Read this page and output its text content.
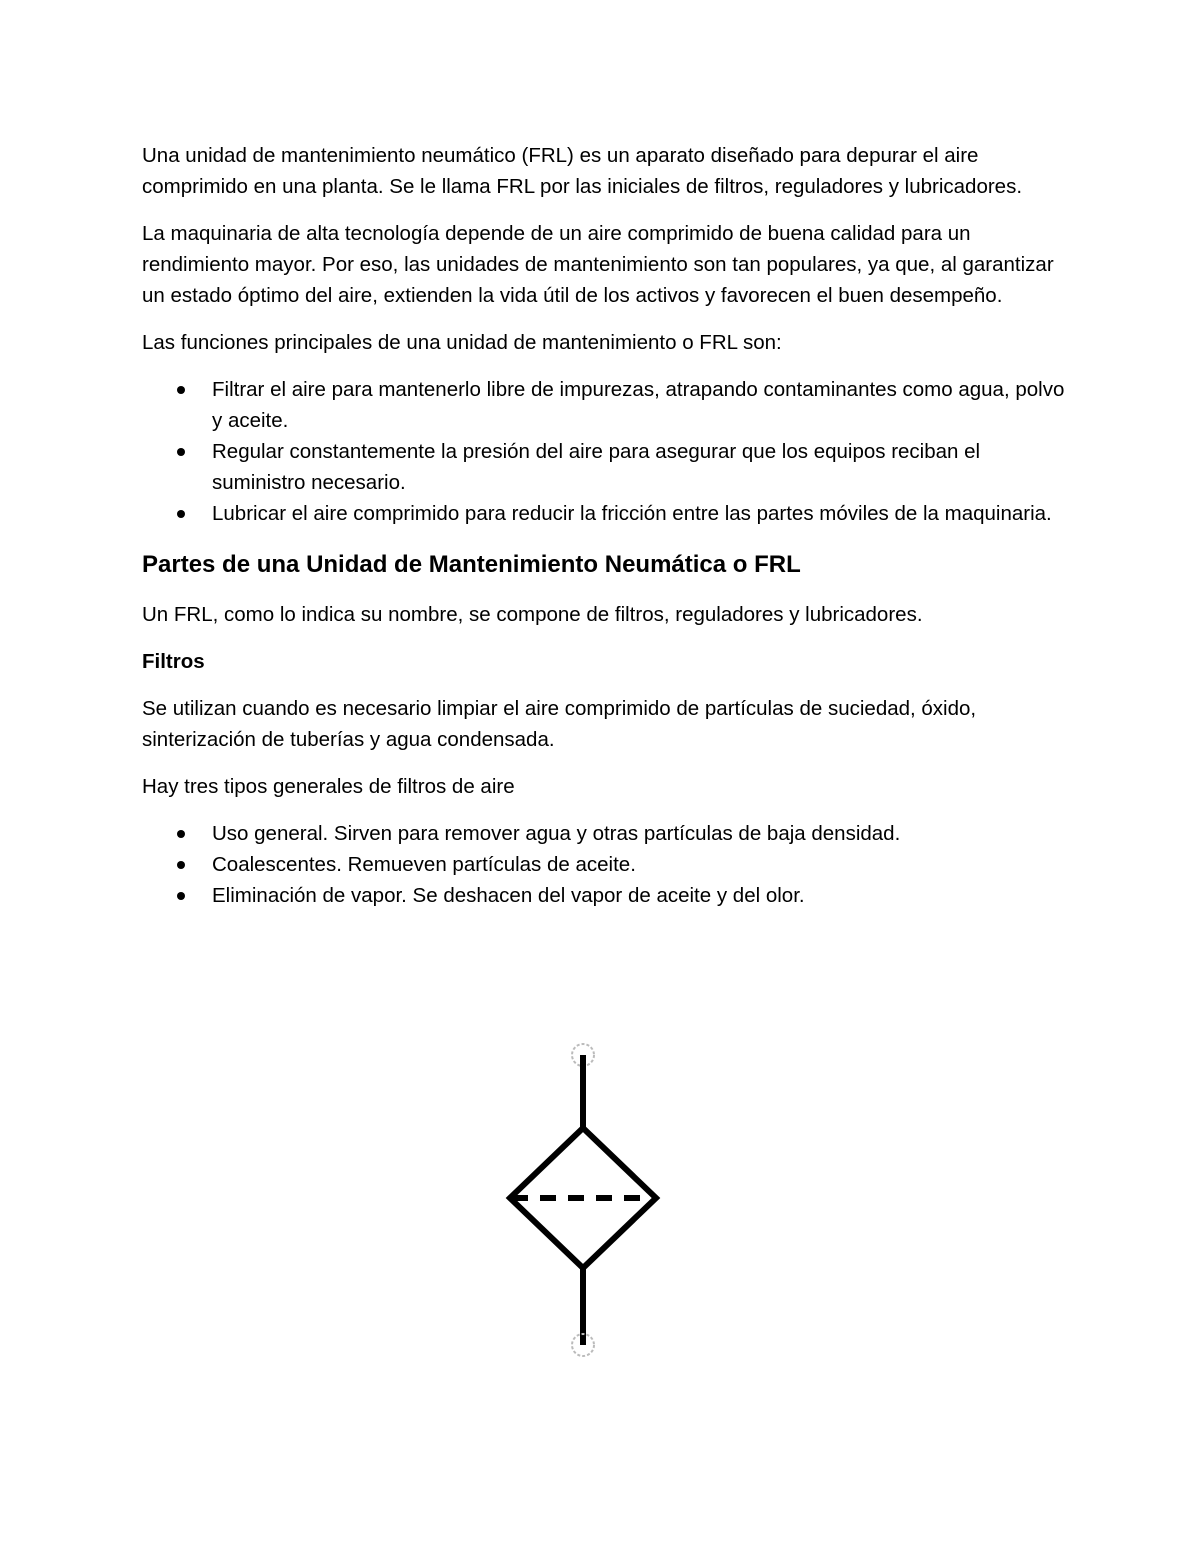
Una unidad de mantenimiento neumático (FRL) es un aparato diseñado para depurar el aire comprimido en una planta. Se le llama FRL por las iniciales de filtros, reguladores y lubricadores.

La maquinaria de alta tecnología depende de un aire comprimido de buena calidad para un rendimiento mayor. Por eso, las unidades de mantenimiento son tan populares, ya que, al garantizar un estado óptimo del aire, extienden la vida útil de los activos y favorecen el buen desempeño.

Las funciones principales de una unidad de mantenimiento o FRL son:

Filtrar el aire para mantenerlo libre de impurezas, atrapando contaminantes como agua, polvo y aceite.
Regular constantemente la presión del aire para asegurar que los equipos reciban el suministro necesario.
Lubricar el aire comprimido para reducir la fricción entre las partes móviles de la maquinaria.
Partes de una Unidad de Mantenimiento Neumática o FRL

Un FRL, como lo indica su nombre, se compone de filtros, reguladores y lubricadores.

Filtros

Se utilizan cuando es necesario limpiar el aire comprimido de partículas de suciedad, óxido, sinterización de tuberías y agua condensada.

Hay tres tipos generales de filtros de aire

Uso general. Sirven para remover agua y otras partículas de baja densidad.
Coalescentes. Remueven partículas de aceite.
Eliminación de vapor. Se deshacen del vapor de aceite y del olor.
